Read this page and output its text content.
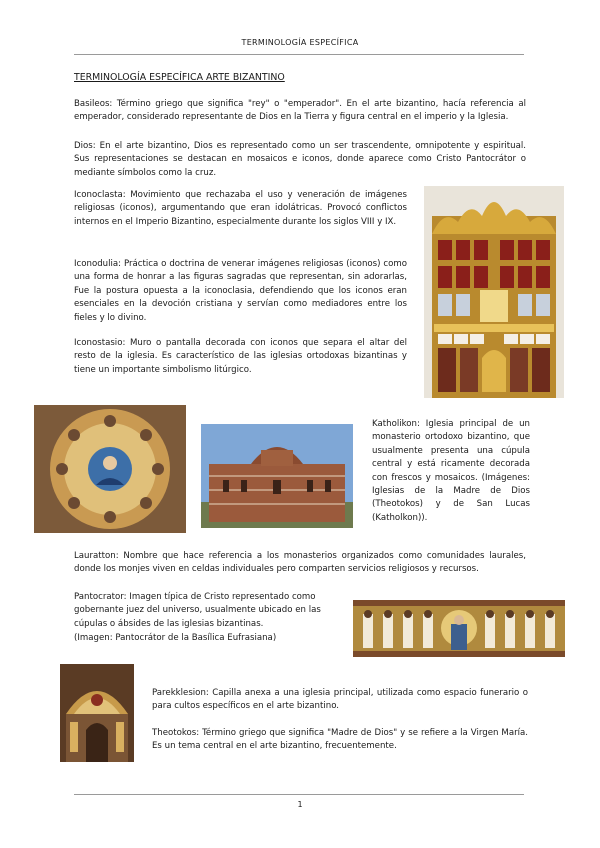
TERMINOLOGÍA ESPECÍFICA
TERMINOLOGÍA ESPECÍFICA ARTE BIZANTINO

Basileos: Término griego que significa "rey" o "emperador". En el arte bizantino, hacía referencia al emperador, considerado representante de Dios en la Tierra y figura central en el imperio y la Iglesia.

Dios: En el arte bizantino, Dios es representado como un ser trascendente, omnipotente y espiritual. Sus representaciones se destacan en mosaicos e iconos, donde aparece como Cristo Pantocrátor o mediante símbolos como la cruz.

Iconoclasta: Movimiento que rechazaba el uso y veneración de imágenes religiosas (iconos), argumentando que eran idolátricas. Provocó conflictos internos en el Imperio Bizantino, especialmente durante los siglos VIII y IX.

Iconodulia: Práctica o doctrina de venerar imágenes religiosas (iconos) como una forma de honrar a las figuras sagradas que representan, sin adorarlas, Fue la postura opuesta a la iconoclasia, defendiendo que los iconos eran esenciales en la devoción cristiana y servían como mediadores entre los fieles y lo divino.

Iconostasio: Muro o pantalla decorada con iconos que separa el altar del resto de la iglesia. Es característico de las iglesias ortodoxas bizantinas y tiene un importante simbolismo litúrgico.

Katholikon: Iglesia principal de un monasterio ortodoxo bizantino, que usualmente presenta una cúpula central y está ricamente decorada con frescos y mosaicos. (Imágenes: Iglesias de la Madre de Dios (Theotokos) y de San Lucas (Katholkon)).

Lauratton: Nombre que hace referencia a los monasterios organizados como comunidades laurales, donde los monjes viven en celdas individuales pero comparten servicios religiosos y recursos.

Pantocrator: Imagen típica de Cristo representado como gobernante juez del universo, usualmente ubicado en las cúpulas o ábsides de las iglesias bizantinas.

(Imagen: Pantocrátor de la Basílica Eufrasiana)

Parekklesion: Capilla anexa a una iglesia principal, utilizada como espacio funerario o para cultos específicos en el arte bizantino.

Theotokos: Término griego que significa "Madre de Dios" y se refiere a la Virgen María. Es un tema central en el arte bizantino, frecuentemente.

1
